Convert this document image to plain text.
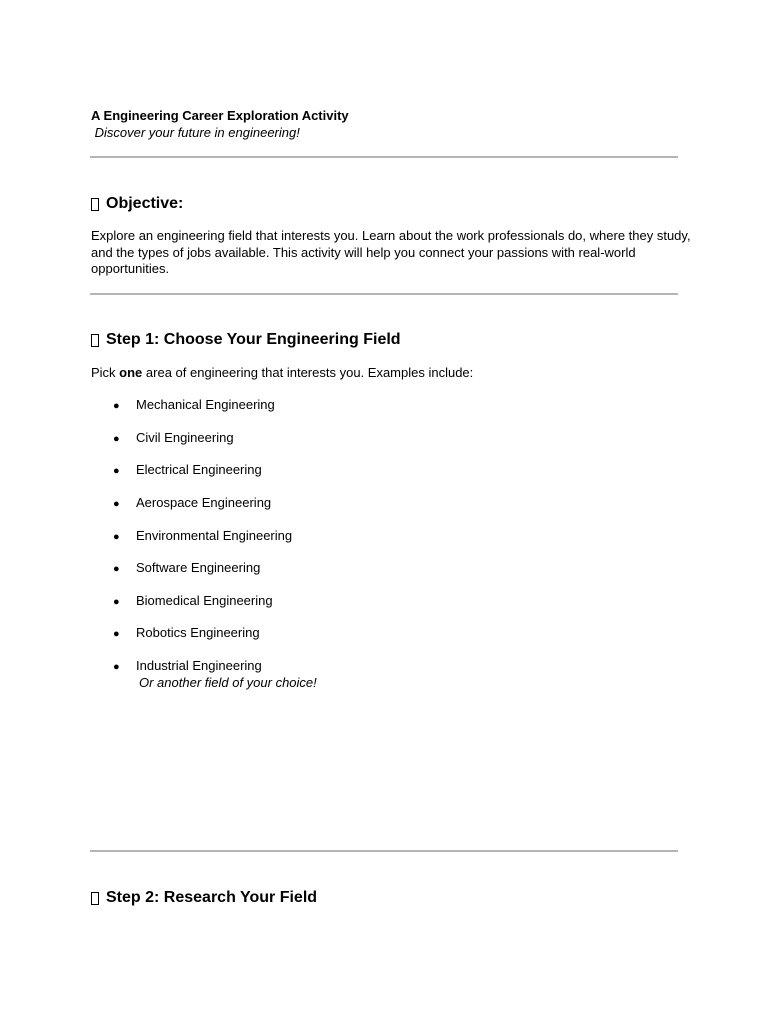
A Engineering Career Exploration Activity
Discover your future in engineering!
Objective:
Explore an engineering field that interests you. Learn about the work professionals do, where they study, and the types of jobs available. This activity will help you connect your passions with real-world opportunities.
Step 1: Choose Your Engineering Field
Pick one area of engineering that interests you. Examples include:
● Mechanical Engineering
● Civil Engineering
● Electrical Engineering
● Aerospace Engineering
● Environmental Engineering
● Software Engineering
● Biomedical Engineering
● Robotics Engineering
● Industrial Engineering
Or another field of your choice!
Step 2: Research Your Field
